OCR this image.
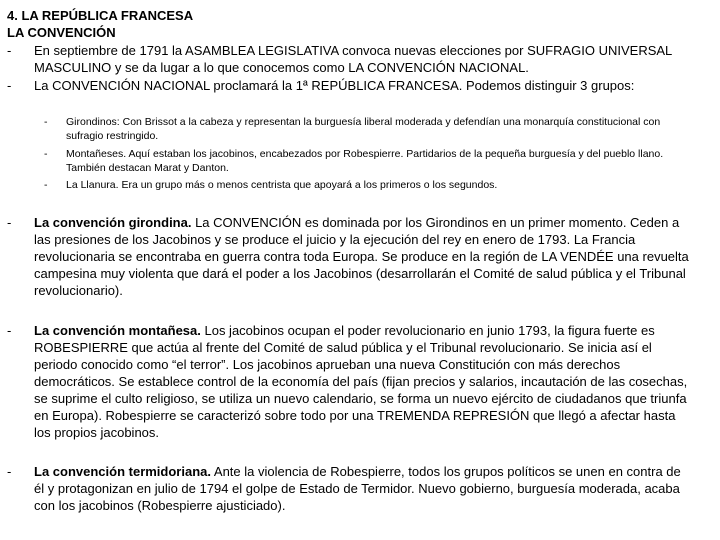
4. LA REPÚBLICA FRANCESA
LA CONVENCIÓN
- En septiembre de 1791 la ASAMBLEA LEGISLATIVA convoca nuevas elecciones por SUFRAGIO UNIVERSAL MASCULINO y se da lugar a lo que conocemos como LA CONVENCIÓN NACIONAL.
- La CONVENCIÓN NACIONAL proclamará la 1ª REPÚBLICA FRANCESA. Podemos distinguir 3 grupos:
- Girondinos: Con Brissot a la cabeza y representan la burguesía liberal moderada y defendían una monarquía constitucional con sufragio restringido.
- Montañeses. Aquí estaban los jacobinos, encabezados por Robespierre. Partidarios de la pequeña burguesía y del pueblo llano. También destacan Marat y Danton.
- La Llanura. Era un grupo más o menos centrista que apoyará a los primeros o los segundos.
- La convención girondina. La CONVENCIÓN es dominada por los Girondinos en un primer momento. Ceden a las presiones de los Jacobinos y se produce el juicio y la ejecución del rey en enero de 1793. La Francia revolucionaria se encontraba en guerra contra toda Europa. Se produce en la región de LA VENDÉE una revuelta campesina muy violenta que dará el poder a los Jacobinos (desarrollarán el Comité de salud pública y el Tribunal revolucionario).
- La convención montañesa. Los jacobinos ocupan el poder revolucionario en junio 1793, la figura fuerte es ROBESPIERRE que actúa al frente del Comité de salud pública y el Tribunal revolucionario. Se inicia así el periodo conocido como “el terror”. Los jacobinos aprueban una nueva Constitución con más derechos democráticos. Se establece control de la economía del país (fijan precios y salarios, incautación de las cosechas, se suprime el culto religioso, se utiliza un nuevo calendario, se forma un nuevo ejército de ciudadanos que triunfa en Europa). Robespierre se caracterizó sobre todo por una TREMENDA REPRESIÓN que llegó a afectar hasta los propios jacobinos.
- La convención termidoriana. Ante la violencia de Robespierre, todos los grupos políticos se unen en contra de él y protagonizan en julio de 1794 el golpe de Estado de Termidor. Nuevo gobierno, burguesía moderada, acaba con los jacobinos (Robespierre ajusticiado).
